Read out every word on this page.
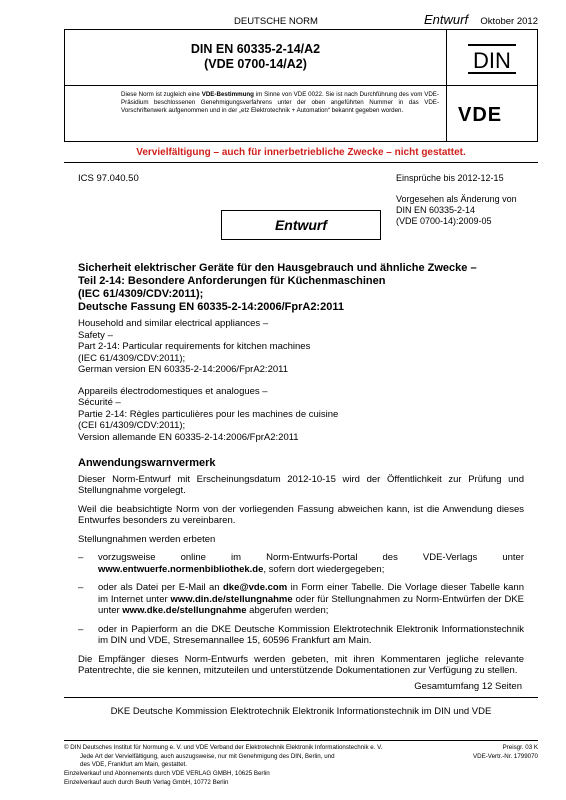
DEUTSCHE NORM	Entwurf Oktober 2012
DIN EN 60335-2-14/A2
(VDE 0700-14/A2)
Diese Norm ist zugleich eine VDE-Bestimmung im Sinne von VDE 0022. Sie ist nach Durchführung des vom VDE-Präsidium beschlossenen Genehmigungsverfahrens unter der oben angeführten Nummer in das VDE-Vorschriftenwerk aufgenommen und in der „etz Elektrotechnik + Automation“ bekannt gegeben worden.
DIN
VDE
Vervielfältigung – auch für innerbetriebliche Zwecke – nicht gestattet.
ICS 97.040.50	Einsprüche bis 2012-12-15
Vorgesehen als Änderung von
DIN EN 60335-2-14
(VDE 0700-14):2009-05
Entwurf
Sicherheit elektrischer Geräte für den Hausgebrauch und ähnliche Zwecke –
Teil 2-14: Besondere Anforderungen für Küchenmaschinen
(IEC 61/4309/CDV:2011);
Deutsche Fassung EN 60335-2-14:2006/FprA2:2011
Household and similar electrical appliances –
Safety –
Part 2-14: Particular requirements for kitchen machines
(IEC 61/4309/CDV:2011);
German version EN 60335-2-14:2006/FprA2:2011
Appareils électrodomestiques et analogues –
Sécurité –
Partie 2-14: Règles particulières pour les machines de cuisine
(CEI 61/4309/CDV:2011);
Version allemande EN 60335-2-14:2006/FprA2:2011
Anwendungswarnvermerk

Dieser Norm-Entwurf mit Erscheinungsdatum 2012-10-15 wird der Öffentlichkeit zur Prüfung und Stellungnahme vorgelegt.

Weil die beabsichtigte Norm von der vorliegenden Fassung abweichen kann, ist die Anwendung dieses Entwurfes besonders zu vereinbaren.

Stellungnahmen werden erbeten

–	vorzugsweise online im Norm-Entwurfs-Portal des VDE-Verlags unter www.entwuerfe.normenbibliothek.de, sofern dort wiedergegeben;
–	oder als Datei per E-Mail an dke@vde.com in Form einer Tabelle. Die Vorlage dieser Tabelle kann im Internet unter www.din.de/stellungnahme oder für Stellungnahmen zu Norm-Entwürfen der DKE unter www.dke.de/stellungnahme abgerufen werden;
–	oder in Papierform an die DKE Deutsche Kommission Elektrotechnik Elektronik Informationstechnik im DIN und VDE, Stresemannallee 15, 60596 Frankfurt am Main.

Die Empfänger dieses Norm-Entwurfs werden gebeten, mit ihren Kommentaren jegliche relevante Patentrechte, die sie kennen, mitzuteilen und unterstützende Dokumentationen zur Verfügung zu stellen.

Gesamtumfang 12 Seiten
DKE Deutsche Kommission Elektrotechnik Elektronik Informationstechnik im DIN und VDE
© DIN Deutsches Institut für Normung e. V. und VDE Verband der Elektrotechnik Elektronik Informationstechnik e. V.
Jede Art der Vervielfältigung, auch auszugsweise, nur mit Genehmigung des DIN, Berlin, und
des VDE, Frankfurt am Main, gestattet.
Einzelverkauf und Abonnements durch VDE VERLAG GMBH, 10625 Berlin
Einzelverkauf auch durch Beuth Verlag GmbH, 10772 Berlin
Preisgr. 03 K
VDE-Vertr.-Nr. 1799070
